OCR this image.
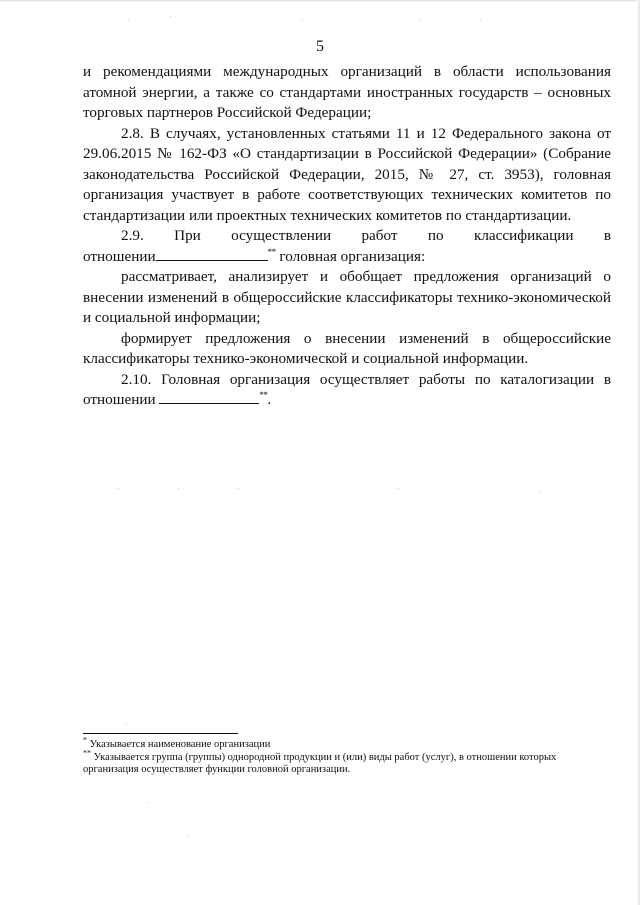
5

и рекомендациями международных организаций в области использования атомной энергии, а также со стандартами иностранных государств – основных торговых партнеров Российской Федерации;

2.8. В случаях, установленных статьями 11 и 12 Федерального закона от 29.06.2015 № 162-ФЗ «О стандартизации в Российской Федерации» (Собрание законодательства Российской Федерации, 2015, № 27, ст. 3953), головная организация участвует в работе соответствующих технических комитетов по стандартизации или проектных технических комитетов по стандартизации.

2.9. При осуществлении работ по классификации в

отношении	** головная организация:

рассматривает, анализирует и обобщает предложения организаций о внесении изменений в общероссийские классификаторы технико-экономической и социальной информации;

формирует предложения о внесении изменений в общероссийские классификаторы технико-экономической и социальной информации.

2.10. Головная организация осуществляет работы по каталогизации в отношении	**.

* Указывается наименование организации

** Указывается группа (группы) однородной продукции и (или) виды работ (услуг), в отношении которых организация осуществляет функции головной организации.
